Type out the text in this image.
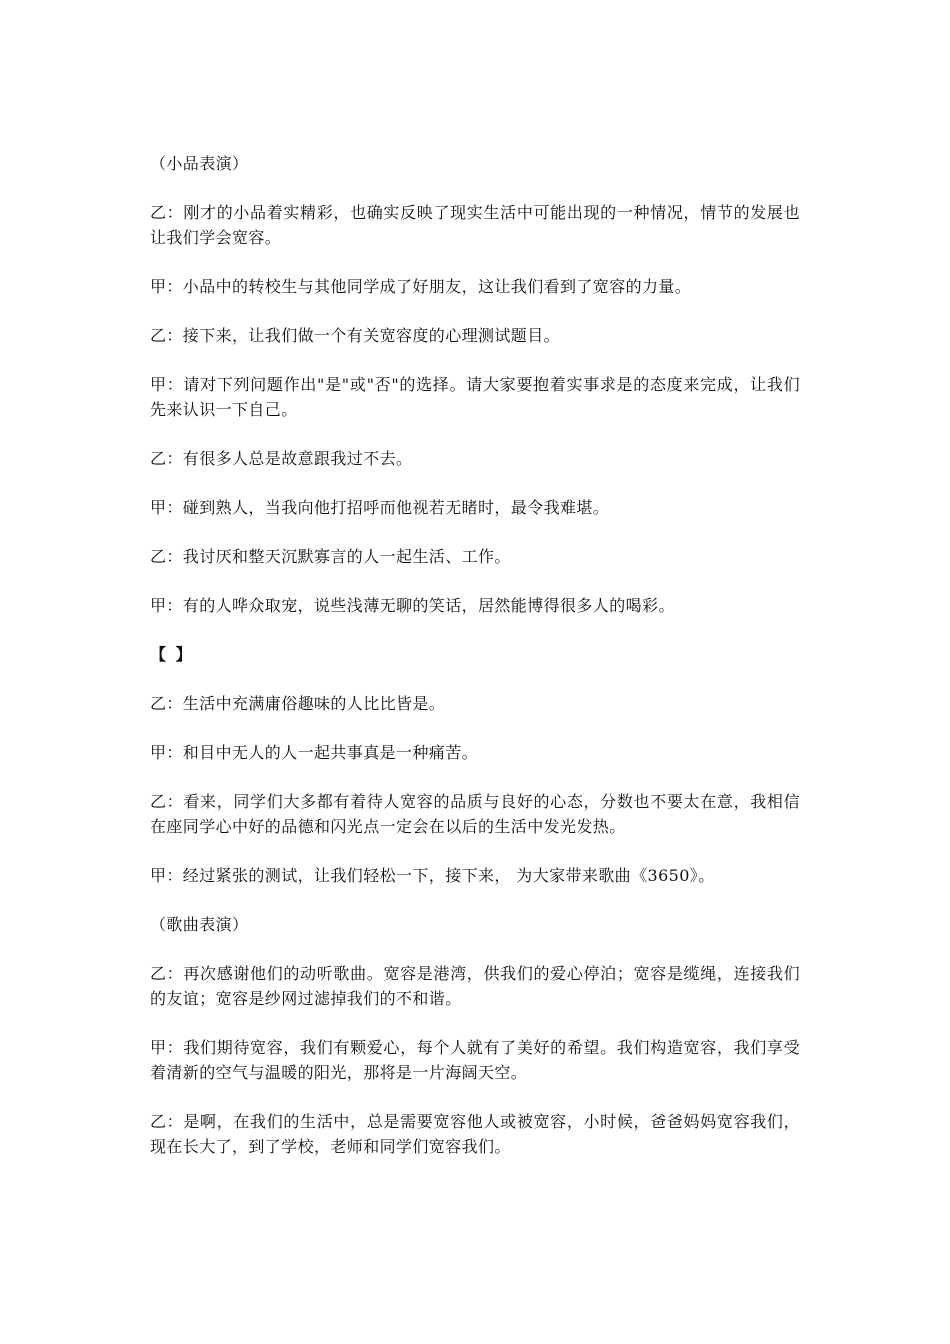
（小品表演）

乙：刚才的小品着实精彩，也确实反映了现实生活中可能出现的一种情况，情节的发展也让我们学会宽容。

甲：小品中的转校生与其他同学成了好朋友，这让我们看到了宽容的力量。

乙：接下来，让我们做一个有关宽容度的心理测试题目。

甲：请对下列问题作出"是"或"否"的选择。请大家要抱着实事求是的态度来完成，让我们先来认识一下自己。

乙：有很多人总是故意跟我过不去。

甲：碰到熟人，当我向他打招呼而他视若无睹时，最令我难堪。

乙：我讨厌和整天沉默寡言的人一起生活、工作。

甲：有的人哗众取宠，说些浅薄无聊的笑话，居然能博得很多人的喝彩。

【 】

乙：生活中充满庸俗趣味的人比比皆是。

甲：和目中无人的人一起共事真是一种痛苦。

乙：看来，同学们大多都有着待人宽容的品质与良好的心态，分数也不要太在意，我相信在座同学心中好的品德和闪光点一定会在以后的生活中发光发热。

甲：经过紧张的测试，让我们轻松一下，接下来， 为大家带来歌曲《3650》。

（歌曲表演）

乙：再次感谢他们的动听歌曲。宽容是港湾，供我们的爱心停泊；宽容是缆绳，连接我们的友谊；宽容是纱网过滤掉我们的不和谐。

甲：我们期待宽容，我们有颗爱心，每个人就有了美好的希望。我们构造宽容，我们享受着清新的空气与温暖的阳光，那将是一片海阔天空。

乙：是啊，在我们的生活中，总是需要宽容他人或被宽容，小时候，爸爸妈妈宽容我们，现在长大了，到了学校，老师和同学们宽容我们。
